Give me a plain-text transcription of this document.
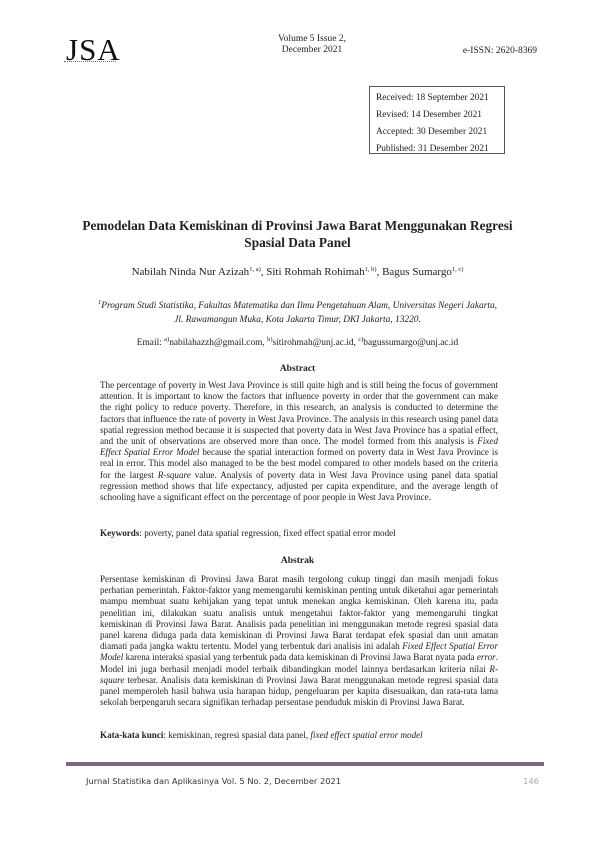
JSA	Volume 5 Issue 2,
December 2021	e-ISSN: 2620-8369
Received: 18 September 2021
Revised: 14 Desember 2021
Accepted: 30 Desember 2021
Published: 31 Desember 2021
Pemodelan Data Kemiskinan di Provinsi Jawa Barat Menggunakan Regresi
Spasial Data Panel
Nabilah Ninda Nur Azizah$^{1, a)}$, Siti Rohmah Rohimah$^{1, b)}$, Bagus Sumargo$^{1, c)}$
$^1$Program Studi Statistika, Fakultas Matematika dan Ilmu Pengetahuan Alam, Universitas Negeri Jakarta,
Jl. Rawamangun Muka, Kota Jakarta Timur, DKI Jakarta, 13220.
Email: $^{a)}$nabilahazzh@gmail.com, $^{b)}$sitirohmah@unj.ac.id, $^{c)}$bagussumargo@unj.ac.id
Abstract
The percentage of poverty in West Java Province is still quite high and is still being the focus of government attention. It is important to know the factors that influence poverty in order that the government can make the right policy to reduce poverty. Therefore, in this research, an analysis is conducted to determine the factors that influence the rate of poverty in West Java Province. The analysis in this research using panel data spatial regression method because it is suspected that poverty data in West Java Province has a spatial effect, and the unit of observations are observed more than once. The model formed from this analysis is Fixed Effect Spatial Error Model because the spatial interaction formed on poverty data in West Java Province is real in error. This model also managed to be the best model compared to other models based on the criteria for the largest R-square value. Analysis of poverty data in West Java Province using panel data spatial regression method shows that life expectancy, adjusted per capita expenditure, and the average length of schooling have a significant effect on the percentage of poor people in West Java Province.
Keywords: poverty, panel data spatial regression, fixed effect spatial error model
Abstrak
Persentase kemiskinan di Provinsi Jawa Barat masih tergolong cukup tinggi dan masih menjadi fokus perhatian pemerintah. Faktor-faktor yang memengaruhi kemiskinan penting untuk diketahui agar pemerintah mampu membuat suatu kebijakan yang tepat untuk menekan angka kemiskinan. Oleh karena itu, pada penelitian ini, dilakukan suatu analisis untuk mengetahui faktor-faktor yang memengaruhi tingkat kemiskinan di Provinsi Jawa Barat. Analisis pada penelitian ini menggunakan metode regresi spasial data panel karena diduga pada data kemiskinan di Provinsi Jawa Barat terdapat efek spasial dan unit amatan diamati pada jangka waktu tertentu. Model yang terbentuk dari analisis ini adalah Fixed Effect Spatial Error Model karena interaksi spasial yang terbentuk pada data kemiskinan di Provinsi Jawa Barat nyata pada error. Model ini juga berhasil menjadi model terbaik dibandingkan model lainnya berdasarkan kriteria nilai R-square terbesar. Analisis data kemiskinan di Provinsi Jawa Barat menggunakan metode regresi spasial data panel memperoleh hasil bahwa usia harapan hidup, pengeluaran per kapita disesuaikan, dan rata-rata lama sekolah berpengaruh secara signifikan terhadap persentase penduduk miskin di Provinsi Jawa Barat.
Kata-kata kunci: kemiskinan, regresi spasial data panel, fixed effect spatial error model
Jurnal Statistika dan Aplikasinya Vol. 5 No. 2, December 2021	146
